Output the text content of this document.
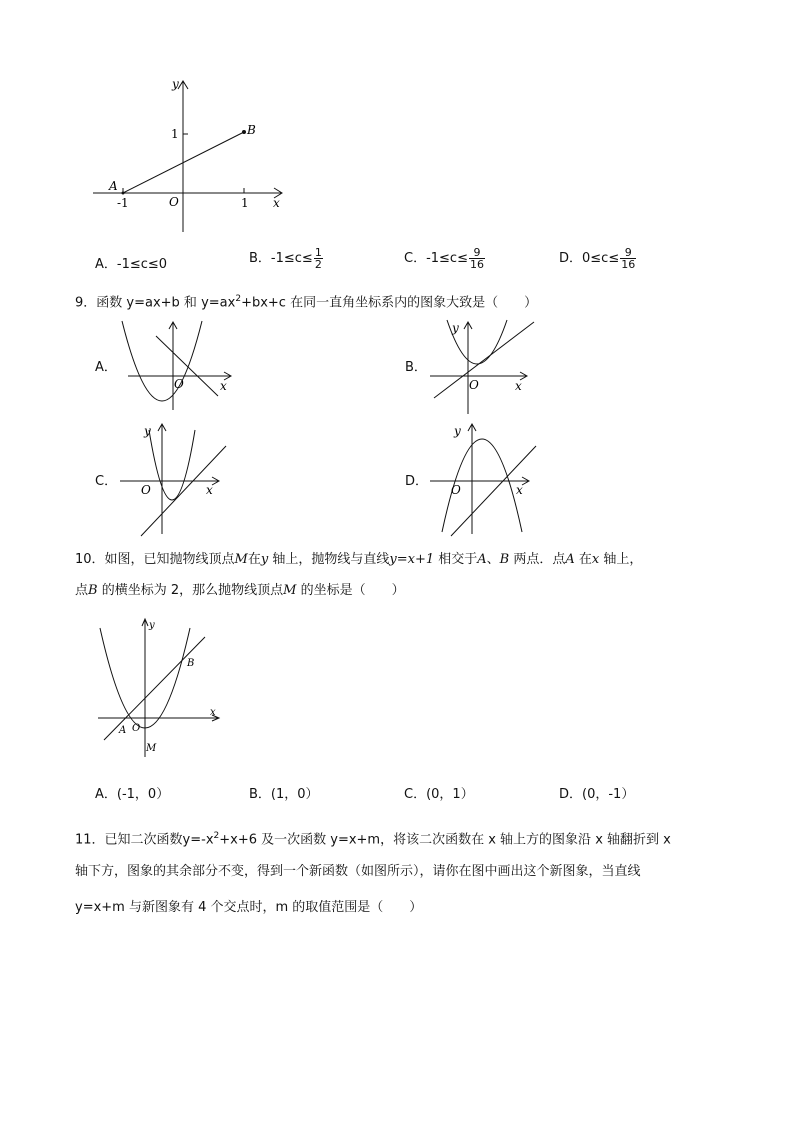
y
x
1	B
A
-1	O	1
A．-1≤c≤0	B．$-1\le c\le \frac{1}{2}$	C．$-1\le c\le \frac{9}{16}$	D．$0\le c\le \frac{9}{16}$
9．函数 y=ax+b 和 $y=ax^2+bx+c$ 在同一直角坐标系内的图象大致是（　　）
A．	B．
C．	D．
O	x
y
O	x
y
O	x
y
O	x
10．如图，已知抛物线顶点M在y 轴上，抛物线与直线y=x+1 相交于A、B 两点．点A 在x 轴上，
点B 的横坐标为 2，那么抛物线顶点M 的坐标是（　　）
y
x
B
A O
M
A．(-1，0）	B．(1，0）	C．(0，1）	D．(0，-1）
11．已知二次函数$y=-x^2+x+6$ 及一次函数 y=x+m，将该二次函数在 x 轴上方的图象沿 x 轴翻折到 x
轴下方，图象的其余部分不变，得到一个新函数（如图所示），请你在图中画出这个新图象，当直线
y=x+m 与新图象有 4 个交点时，m 的取值范围是（　　）
